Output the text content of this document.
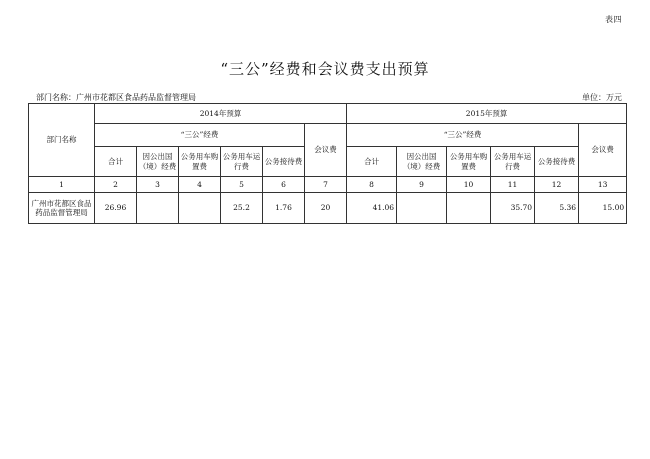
表四
“三公”经费和会议费支出预算
部门名称：广州市花都区食品药品监督管理局	单位：万元
部门名称	2014年预算						2015年预算					
	“三公”经费					会议费	“三公”经费					会议费
	合计	因公出国（境）经费	公务用车购置费	公务用车运行费	公务接待费		合计	因公出国（境）经费	公务用车购置费	公务用车运行费	公务接待费	
1	2	3	4	5	6	7	8	9	10	11	12	13
广州市花都区食品药品监督管理局	26.96			25.2	1.76	20	41.06			35.70	5.36	15.00
